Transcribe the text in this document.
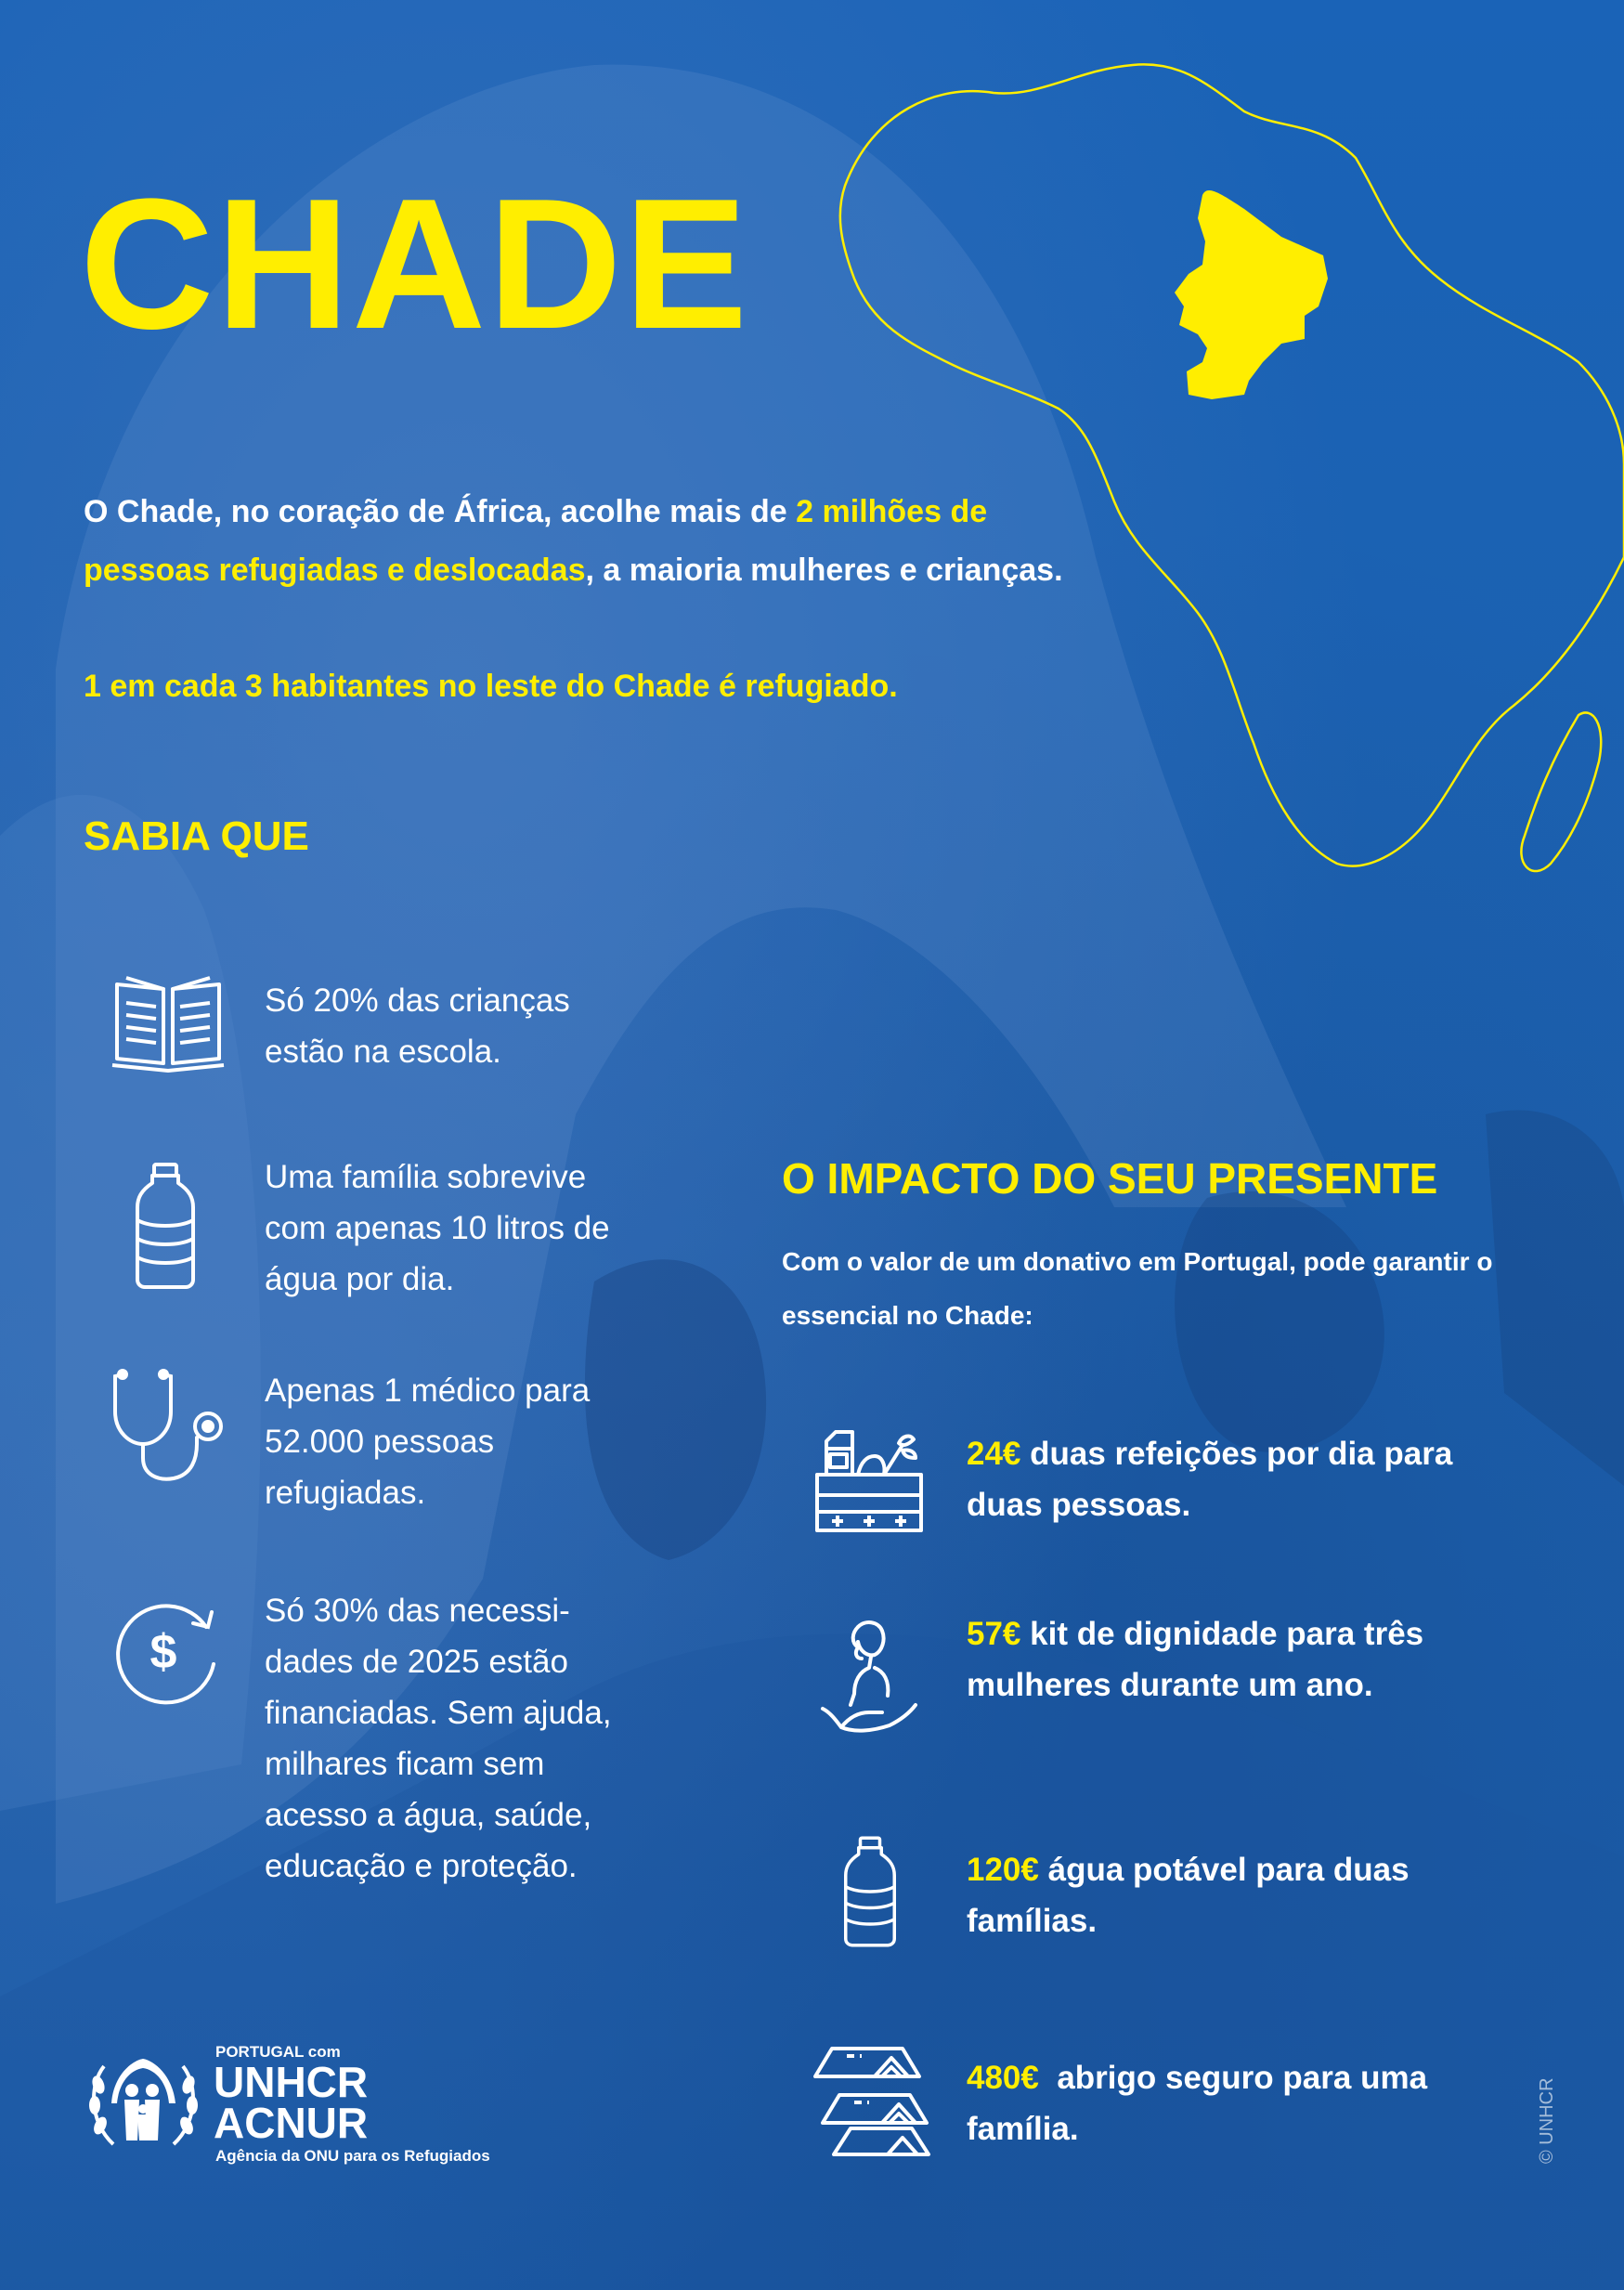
CHADE

O Chade, no coração de África, acolhe mais de 2 milhões de pessoas refugiadas e deslocadas, a maioria mulheres e crianças.

1 em cada 3 habitantes no leste do Chade é refugiado.

SABIA QUE

Só 20% das crianças estão na escola.

Uma família sobrevive com apenas 10 litros de água por dia.

Apenas 1 médico para 52.000 pessoas refugiadas.

$

Só 30% das necessi-dades de 2025 estão financiadas. Sem ajuda, milhares ficam sem acesso a água, saúde, educação e proteção.

O IMPACTO DO SEU PRESENTE

Com o valor de um donativo em Portugal, pode garantir o essencial no Chade:

24€ duas refeições por dia para duas pessoas.

57€ kit de dignidade para três mulheres durante um ano.

120€ água potável para duas famílias.

480€  abrigo seguro para uma família.

PORTUGAL com
UNHCR
ACNUR
Agência da ONU para os Refugiados	© UNHCR
